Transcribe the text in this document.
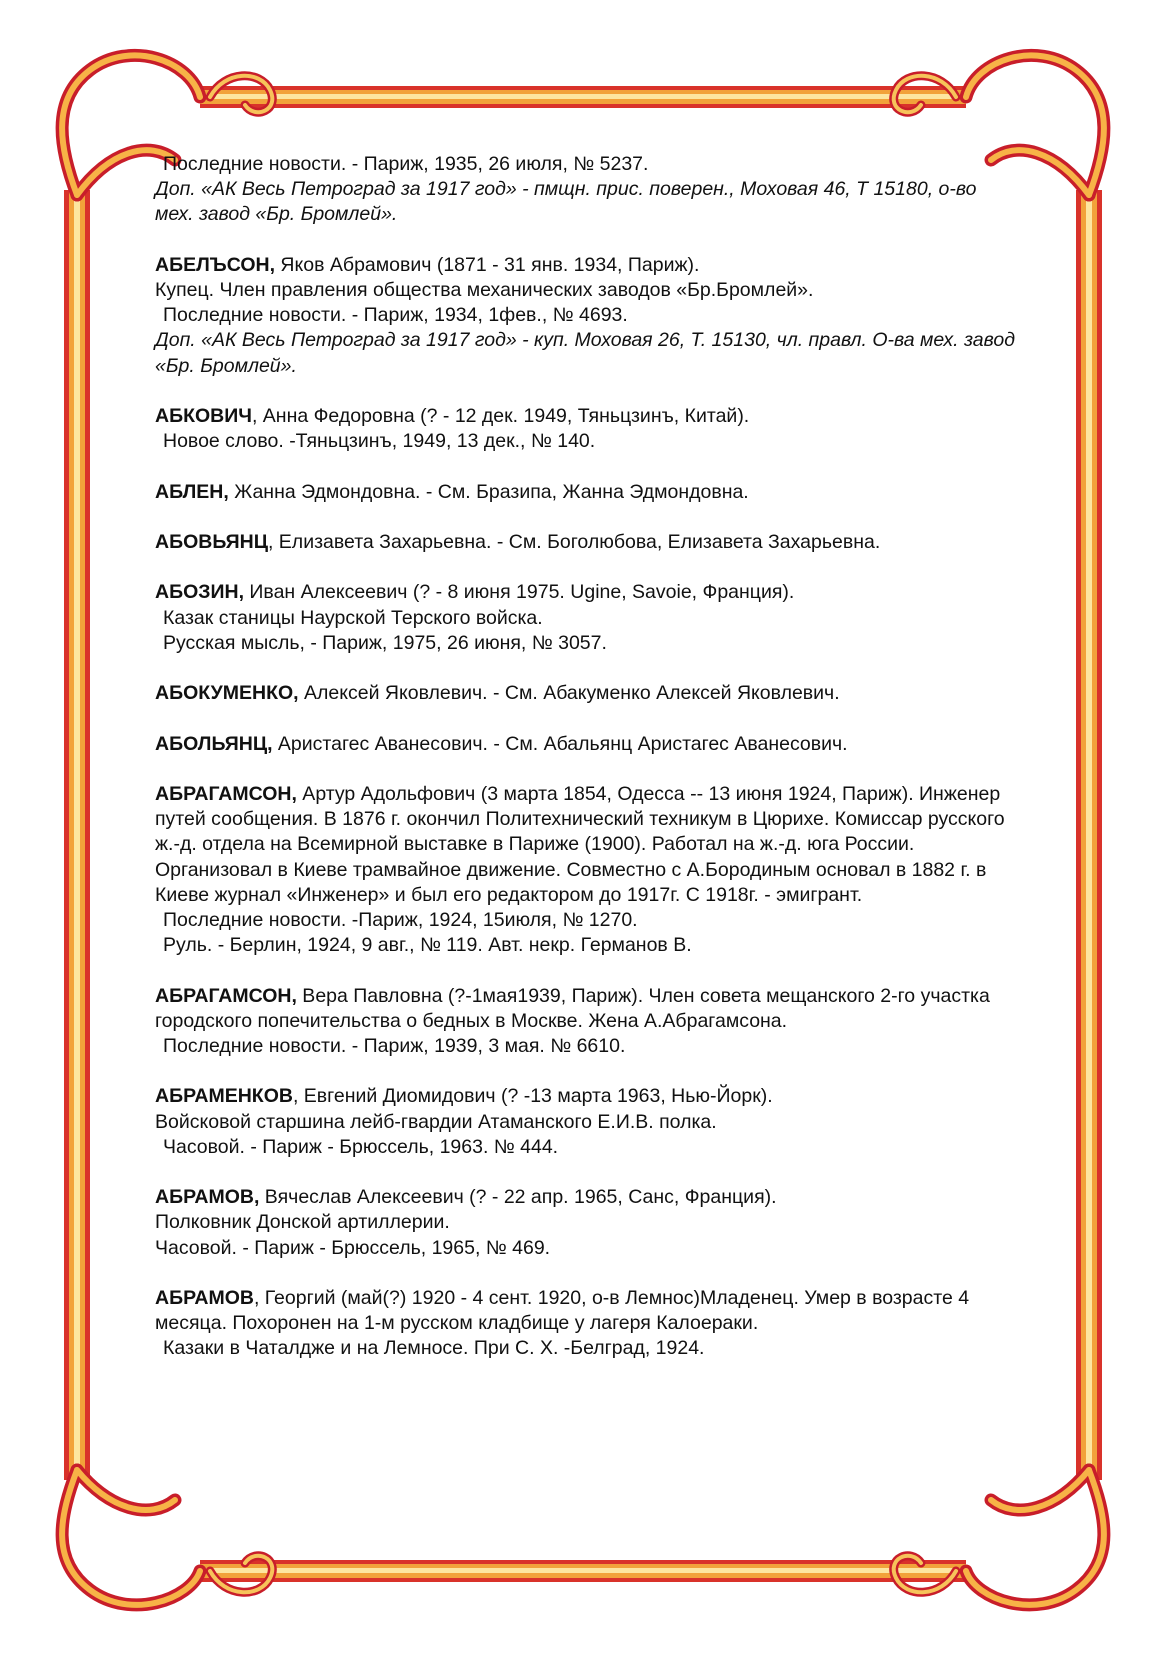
Последние новости. - Париж, 1935, 26 июля, № 5237.

Доп. «АК Весь Петроград за 1917 год» - пмщн. прис. поверен., Моховая 46, Т 15180, о-во мех. завод «Бр. Бромлей».

АБЕЛЪСОН, Яков Абрамович (1871 - 31 янв. 1934, Париж).

Купец. Член правления общества механических заводов «Бр.Бромлей».

Последние новости. - Париж, 1934, 1фев., № 4693.

Доп. «АК Весь Петроград за 1917 год» - куп. Моховая 26, Т. 15130, чл. правл. О-ва мех. завод «Бр. Бромлей».

АБКОВИЧ, Анна Федоровна (? - 12 дек. 1949, Тяньцзинъ, Китай).

Новое слово. -Тяньцзинъ, 1949, 13 дек., № 140.

АБЛЕН, Жанна Эдмондовна. - См. Бразипа, Жанна Эдмондовна.

АБОВЬЯНЦ, Елизавета Захарьевна. - См. Боголюбова, Елизавета Захарьевна.

АБОЗИН, Иван Алексеевич (? - 8 июня 1975. Ugine, Savoie, Франция).

Казак станицы Наурской Терского войска.

Русская мысль, - Париж, 1975, 26 июня, № 3057.

АБОКУМЕНКО, Алексей Яковлевич. - См. Абакуменко Алексей Яковлевич.

АБОЛЬЯНЦ, Аристагес Аванесович. - См. Абальянц Аристагес Аванесович.

АБРАГАМСОН, Артур Адольфович (3 марта 1854, Одесса -- 13 июня 1924, Париж). Инженер путей сообщения. В 1876 г. окончил Политехнический техникум в Цюрихе. Комиссар русского ж.-д. отдела на Всемирной выставке в Париже (1900). Работал на ж.-д. юга России. Организовал в Киеве трамвайное движение. Совместно с А.Бородиным основал в 1882 г. в Киеве журнал «Инженер» и был его редактором до 1917г. С 1918г. - эмигрант.

Последние новости. -Париж, 1924, 15июля, № 1270.

Руль. - Берлин, 1924, 9 авг., № 119. Авт. некр. Германов В.

АБРАГАМСОН, Вера Павловна (?-1мая1939, Париж). Член совета мещанского 2-го участка городского попечительства о бедных в Москве. Жена А.Абрагамсона.

Последние новости. - Париж, 1939, 3 мая. № 6610.

АБРАМЕНКОВ, Евгений Диомидович (? -13 марта 1963, Нью-Йорк).

Войсковой старшина лейб-гвардии Атаманского Е.И.В. полка.

Часовой. - Париж - Брюссель, 1963. № 444.

АБРАМОВ, Вячеслав Алексеевич (? - 22 апр. 1965, Санс, Франция).

Полковник Донской артиллерии.

Часовой. - Париж - Брюссель, 1965, № 469.

АБРАМОВ, Георгий (май(?) 1920 - 4 сент. 1920, о-в Лемнос)Младенец. Умер в возрасте 4 месяца. Похоронен на 1-м русском кладбище у лагеря Калоераки.

Казаки в Чаталдже и на Лемносе. При С. Х. -Белград, 1924.
